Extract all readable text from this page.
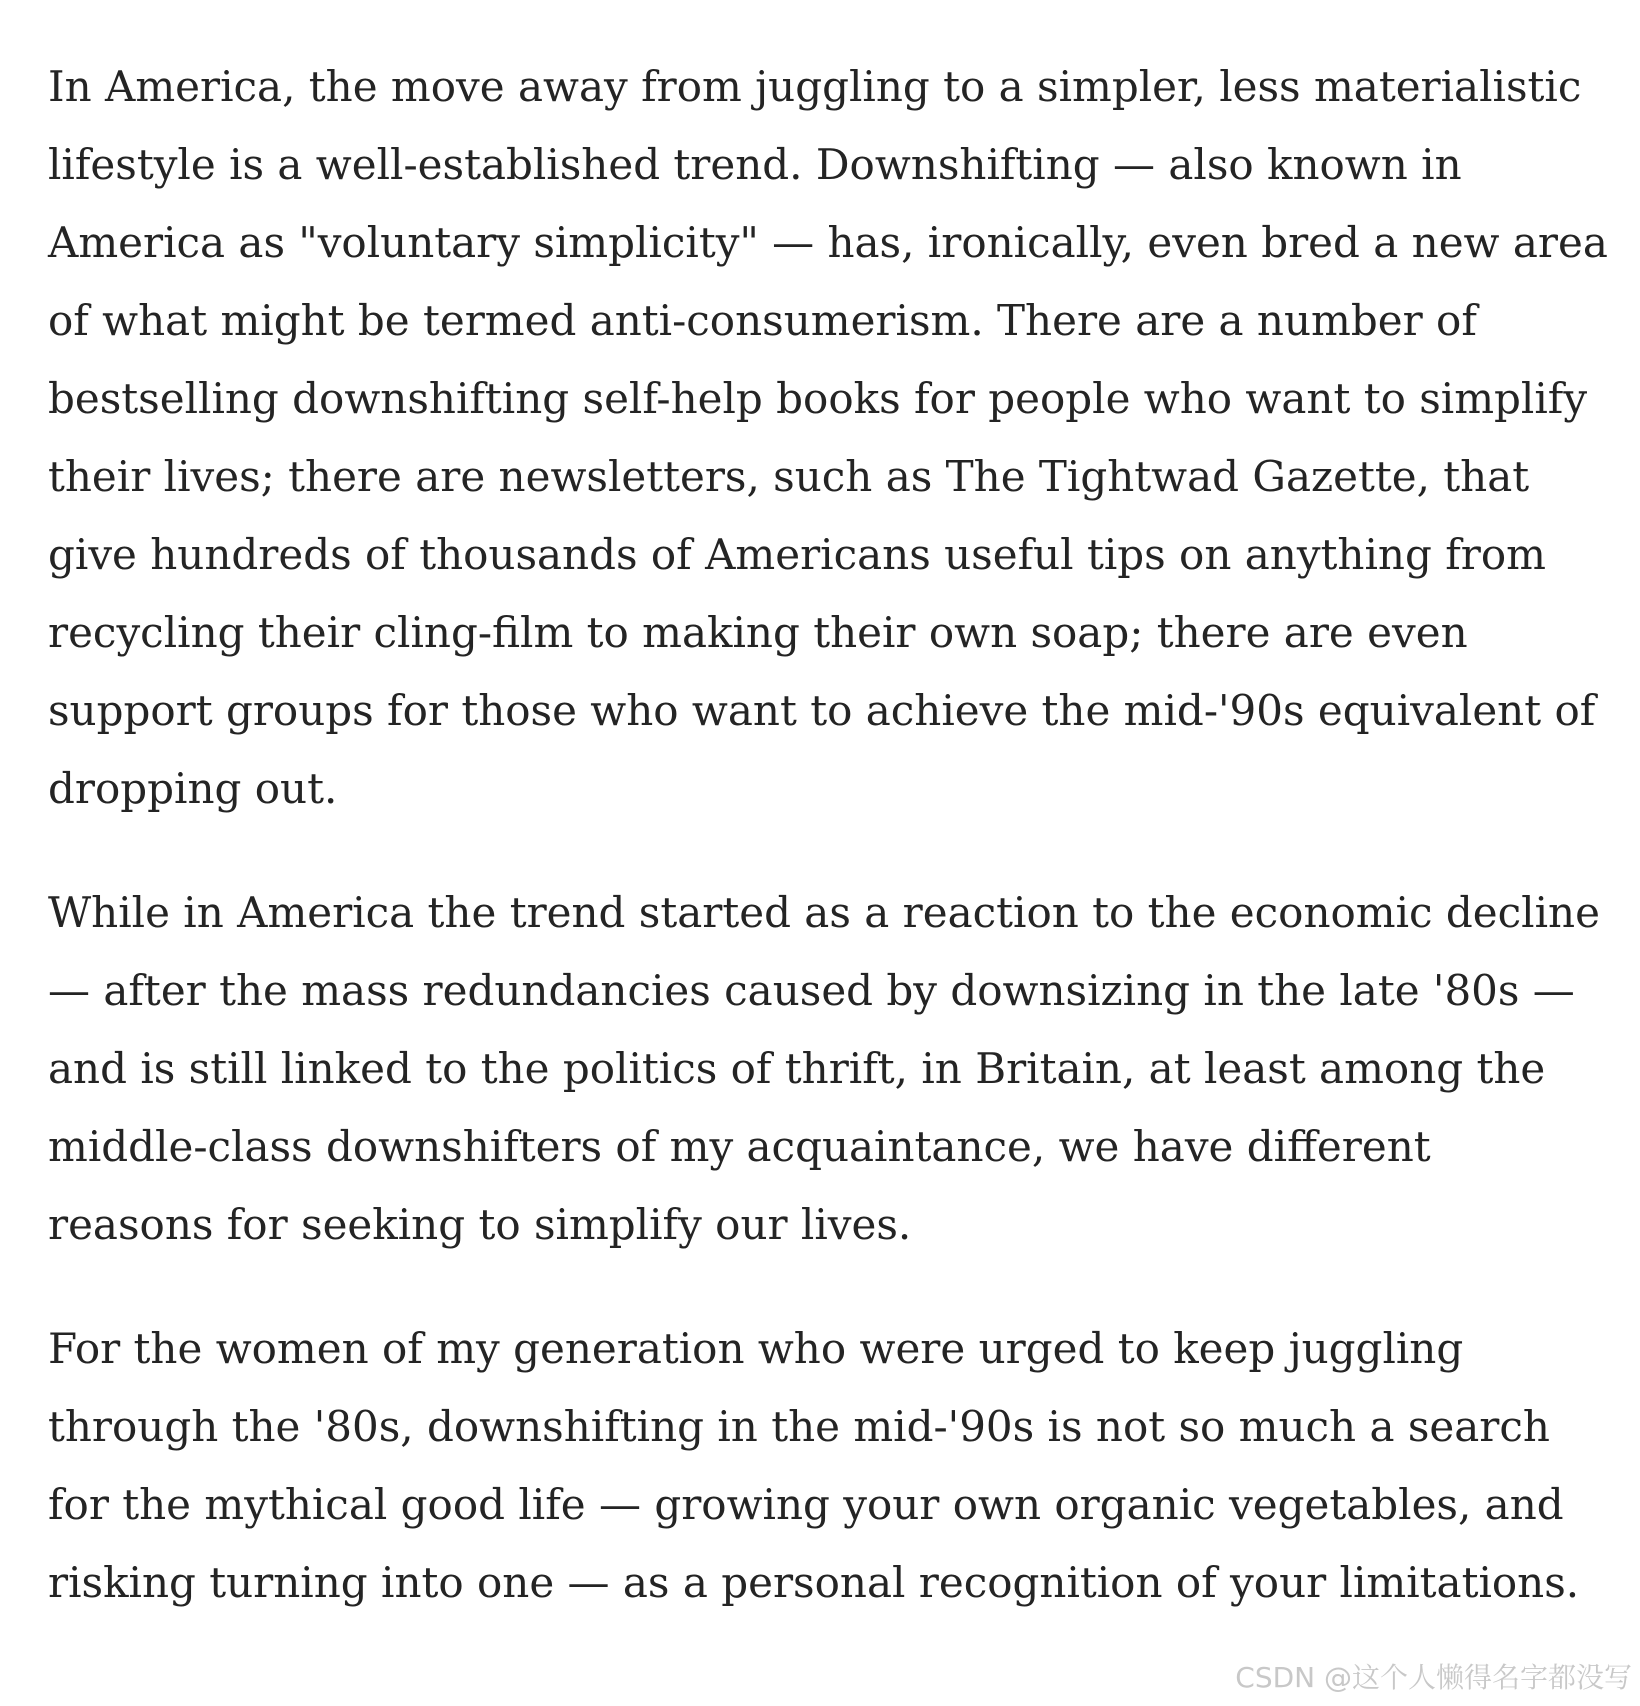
In America, the move away from juggling to a simpler, less materialistic lifestyle is a well-established trend. Downshifting — also known in America as "voluntary simplicity" — has, ironically, even bred a new area of what might be termed anti-consumerism. There are a number of bestselling downshifting self-help books for people who want to simplify their lives; there are newsletters, such as The Tightwad Gazette, that give hundreds of thousands of Americans useful tips on anything from recycling their cling-film to making their own soap; there are even support groups for those who want to achieve the mid-'90s equivalent of dropping out.

While in America the trend started as a reaction to the economic decline — after the mass redundancies caused by downsizing in the late '80s — and is still linked to the politics of thrift, in Britain, at least among the middle-class downshifters of my acquaintance, we have different reasons for seeking to simplify our lives.

For the women of my generation who were urged to keep juggling through the '80s, downshifting in the mid-'90s is not so much a search for the mythical good life — growing your own organic vegetables, and risking turning into one — as a personal recognition of your limitations.

CSDN @这个人懒得名字都没写
